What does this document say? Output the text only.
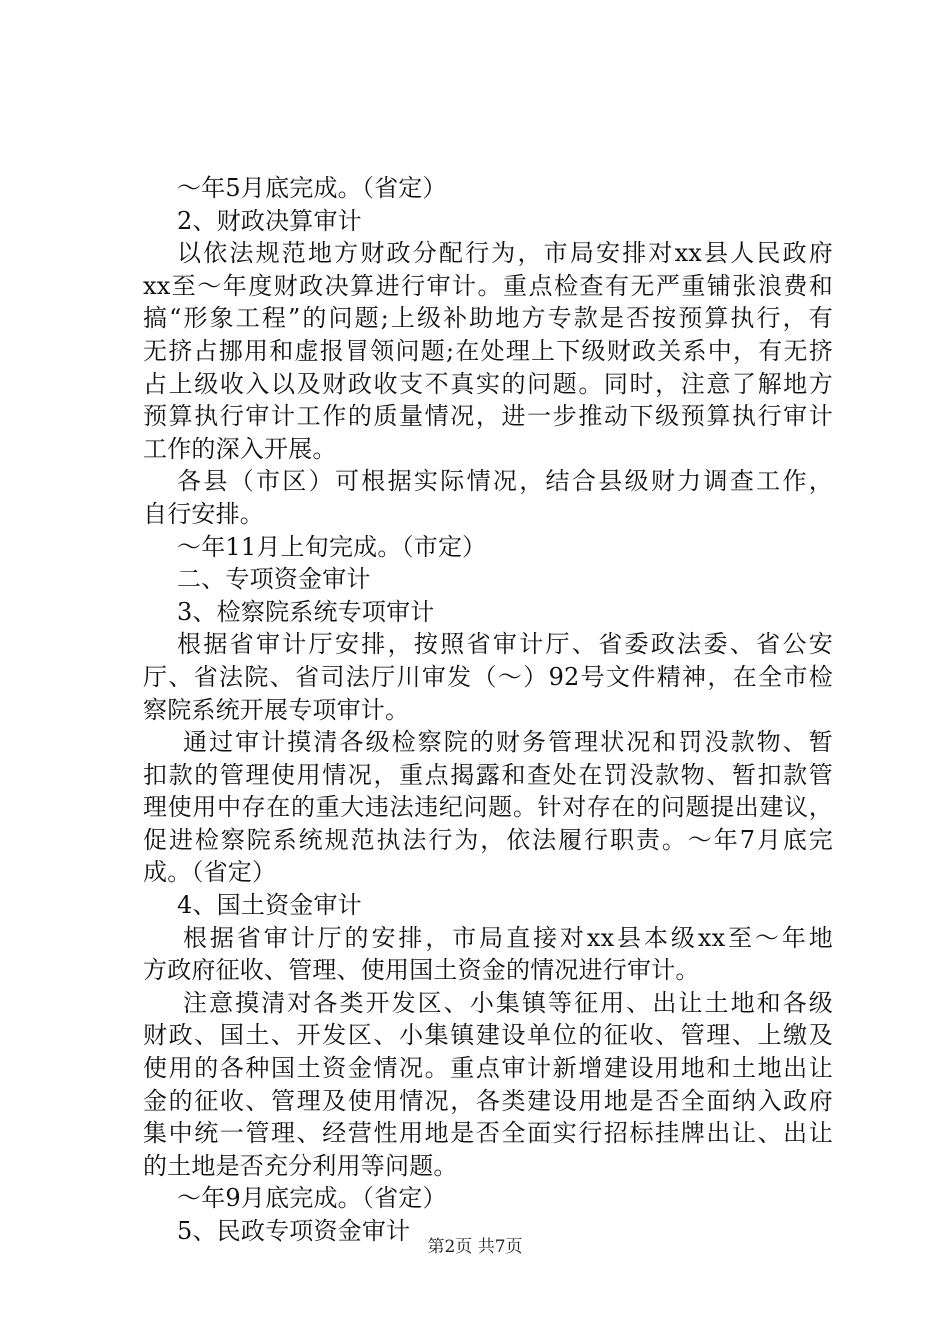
～年5月底完成。（省定）
2、财政决算审计
以依法规范地方财政分配行为，市局安排对xx县人民政府
xx至～年度财政决算进行审计。重点检查有无严重铺张浪费和
搞“形象工程”的问题;上级补助地方专款是否按预算执行，有
无挤占挪用和虚报冒领问题;在处理上下级财政关系中，有无挤
占上级收入以及财政收支不真实的问题。同时，注意了解地方
预算执行审计工作的质量情况，进一步推动下级预算执行审计
工作的深入开展。
各县（市区）可根据实际情况，结合县级财力调查工作，
自行安排。
～年11月上旬完成。（市定）
二、专项资金审计
3、检察院系统专项审计
根据省审计厅安排，按照省审计厅、省委政法委、省公安
厅、省法院、省司法厅川审发（～）92号文件精神，在全市检
察院系统开展专项审计。
通过审计摸清各级检察院的财务管理状况和罚没款物、暂
扣款的管理使用情况，重点揭露和查处在罚没款物、暂扣款管
理使用中存在的重大违法违纪问题。针对存在的问题提出建议，
促进检察院系统规范执法行为，依法履行职责。～年7月底完
成。（省定）
4、国土资金审计
根据省审计厅的安排，市局直接对xx县本级xx至～年地
方政府征收、管理、使用国土资金的情况进行审计。
注意摸清对各类开发区、小集镇等征用、出让土地和各级
财政、国土、开发区、小集镇建设单位的征收、管理、上缴及
使用的各种国土资金情况。重点审计新增建设用地和土地出让
金的征收、管理及使用情况，各类建设用地是否全面纳入政府
集中统一管理、经营性用地是否全面实行招标挂牌出让、出让
的土地是否充分利用等问题。
～年9月底完成。（省定）
5、民政专项资金审计
第2页 共7页
